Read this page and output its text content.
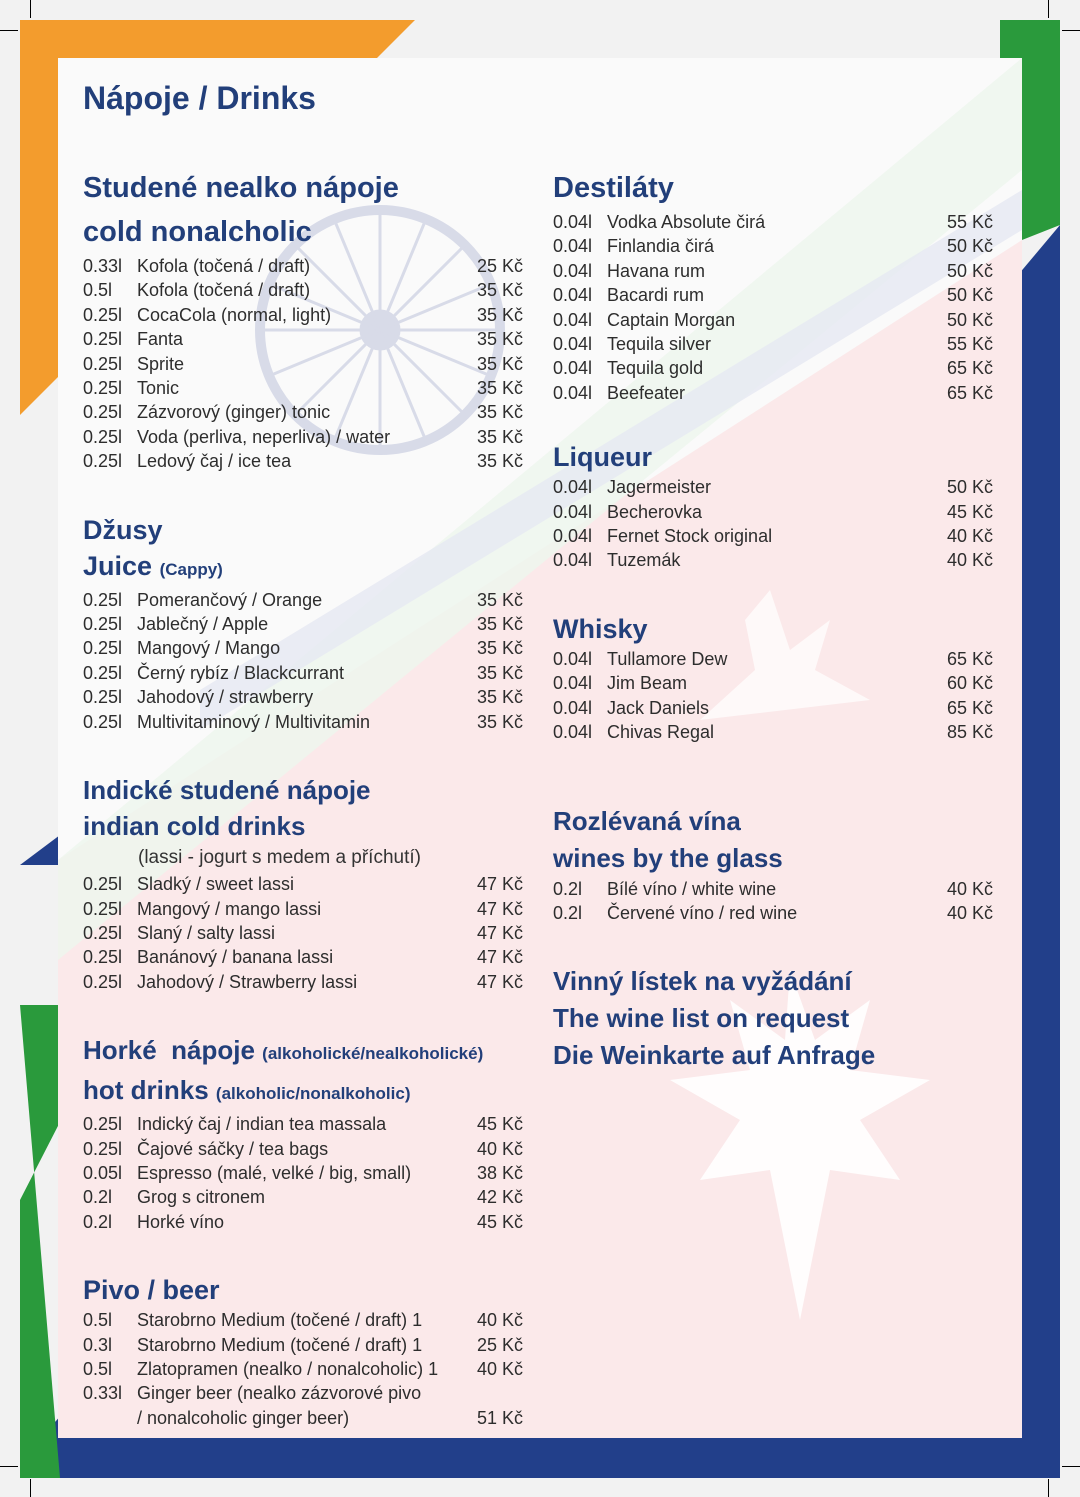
Nápoje / Drinks
Studené nealko nápoje
cold nonalcholic
0.33l Kofola (točená / draft)	25 Kč
0.5l	Kofola (točená / draft)	35 Kč
0.25l CocaCola (normal, light)	35 Kč
0.25l Fanta	35 Kč
0.25l Sprite	35 Kč
0.25l Tonic	35 Kč
0.25l Zázvorový (ginger) tonic	35 Kč
0.25l Voda (perliva, neperliva) / water	35 Kč
0.25l Ledový čaj / ice tea	35 Kč
Džusy
Juice (Cappy)
0.25l Pomerančový / Orange	35 Kč
0.25l Jablečný / Apple	35 Kč
0.25l Mangový / Mango	35 Kč
0.25l Černý rybíz / Blackcurrant	35 Kč
0.25l Jahodový / strawberry	35 Kč
0.25l Multivitaminový / Multivitamin	35 Kč
Indické studené nápoje
indian cold drinks
(lassi - jogurt s medem a příchutí)
0.25l Sladký / sweet lassi	47 Kč
0.25l Mangový / mango lassi	47 Kč
0.25l Slaný / salty lassi	47 Kč
0.25l Banánový / banana lassi	47 Kč
0.25l Jahodový / Strawberry lassi	47 Kč
Horké  nápoje (alkoholické/nealkoholické)
hot drinks (alkoholic/nonalkoholic)
0.25l Indický čaj / indian tea massala	45 Kč
0.25l Čajové sáčky / tea bags	40 Kč
0.05l Espresso (malé, velké / big, small)	38 Kč
0.2l	Grog s citronem	42 Kč
0.2l	Horké víno	45 Kč
Pivo / beer
0.5l	Starobrno Medium (točené / draft) 1	40 Kč
0.3l	Starobrno Medium (točené / draft) 1	25 Kč
0.5l	Zlatopramen (nealko / nonalcoholic) 1	40 Kč
0.33l Ginger beer (nealko zázvorové pivo
/ nonalcoholic ginger beer)	51 Kč
Destiláty
0.04l Vodka Absolute čirá	55 Kč
0.04l Finlandia čirá	50 Kč
0.04l Havana rum	50 Kč
0.04l Bacardi rum	50 Kč
0.04l Captain Morgan	50 Kč
0.04l Tequila silver	55 Kč
0.04l Tequila gold	65 Kč
0.04l Beefeater	65 Kč
Liqueur
0.04l Jagermeister	50 Kč
0.04l Becherovka	45 Kč
0.04l Fernet Stock original	40 Kč
0.04l Tuzemák	40 Kč
Whisky
0.04l Tullamore Dew	65 Kč
0.04l Jim Beam	60 Kč
0.04l Jack Daniels	65 Kč
0.04l Chivas Regal	85 Kč
Rozlévaná vína
wines by the glass
0.2l	Bílé víno / white wine	40 Kč
0.2l	Červené víno / red wine	40 Kč
Vinný lístek na vyžádání
The wine list on request
Die Weinkarte auf Anfrage
